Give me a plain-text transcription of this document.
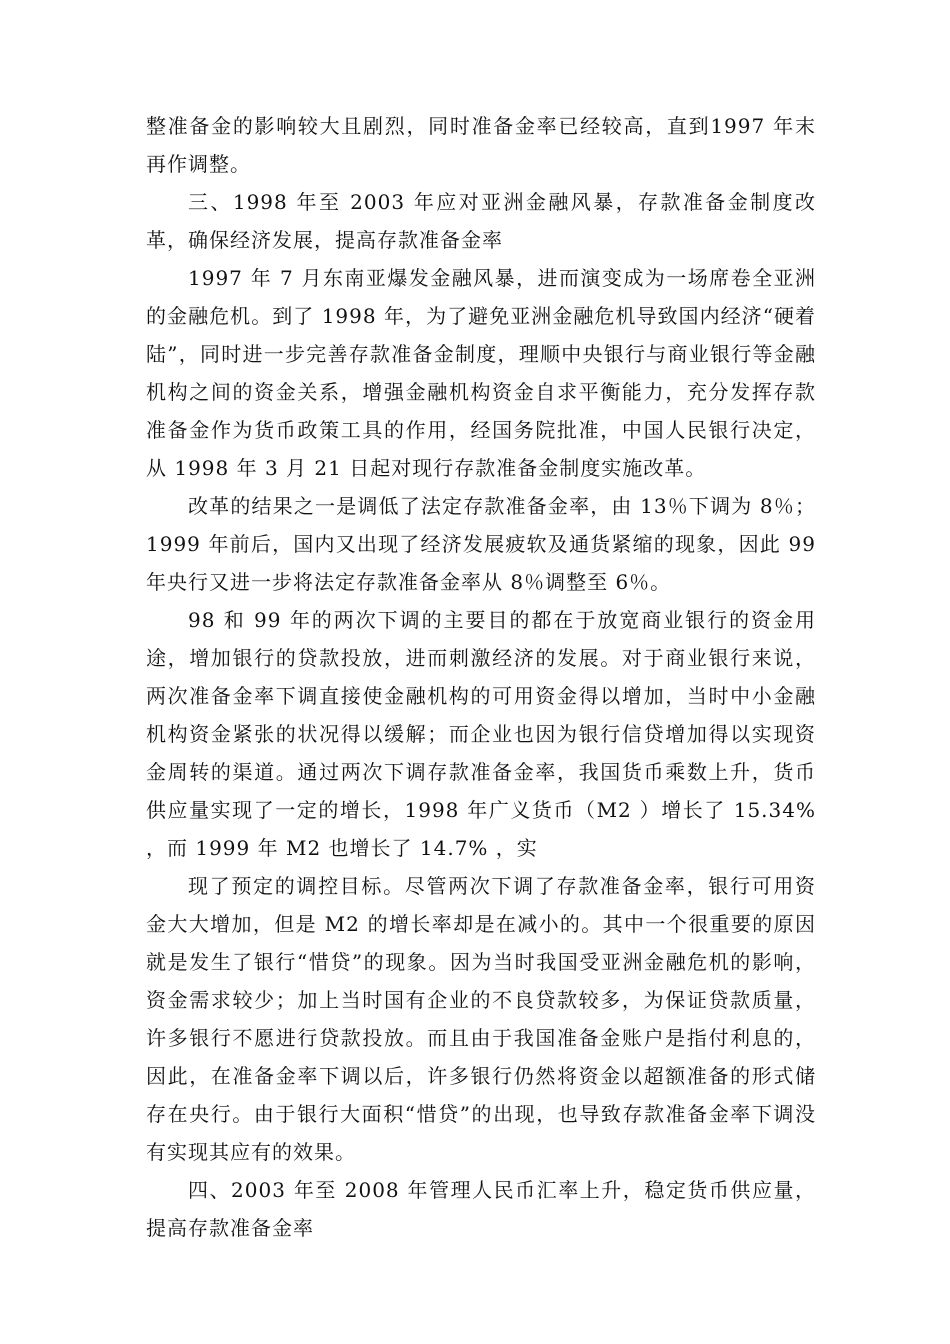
整准备金的影响较大且剧烈，同时准备金率已经较高，直到1997 年末再作调整。

三、1998 年至 2003 年应对亚洲金融风暴，存款准备金制度改革，确保经济发展，提高存款准备金率

1997 年 7 月东南亚爆发金融风暴，进而演变成为一场席卷全亚洲的金融危机。到了 1998 年，为了避免亚洲金融危机导致国内经济“硬着陆”，同时进一步完善存款准备金制度，理顺中央银行与商业银行等金融机构之间的资金关系，增强金融机构资金自求平衡能力，充分发挥存款准备金作为货币政策工具的作用，经国务院批准，中国人民银行决定，从 1998 年 3 月 21 日起对现行存款准备金制度实施改革。

改革的结果之一是调低了法定存款准备金率，由 13％下调为 8％；1999 年前后，国内又出现了经济发展疲软及通货紧缩的现象，因此 99 年央行又进一步将法定存款准备金率从 8％调整至 6％。

98 和 99 年的两次下调的主要目的都在于放宽商业银行的资金用途，增加银行的贷款投放，进而刺激经济的发展。对于商业银行来说，两次准备金率下调直接使金融机构的可用资金得以增加，当时中小金融机构资金紧张的状况得以缓解；而企业也因为银行信贷增加得以实现资金周转的渠道。通过两次下调存款准备金率，我国货币乘数上升，货币供应量实现了一定的增长，1998 年广义货币（M2 ）增长了 15.34% ，而 1999 年 M2 也增长了 14.7% ，实

现了预定的调控目标。尽管两次下调了存款准备金率，银行可用资金大大增加，但是 M2 的增长率却是在减小的。其中一个很重要的原因就是发生了银行“惜贷”的现象。因为当时我国受亚洲金融危机的影响，资金需求较少；加上当时国有企业的不良贷款较多，为保证贷款质量，许多银行不愿进行贷款投放。而且由于我国准备金账户是指付利息的，因此，在准备金率下调以后，许多银行仍然将资金以超额准备的形式储存在央行。由于银行大面积“惜贷”的出现，也导致存款准备金率下调没有实现其应有的效果。

四、2003 年至 2008 年管理人民币汇率上升，稳定货币供应量，提高存款准备金率
